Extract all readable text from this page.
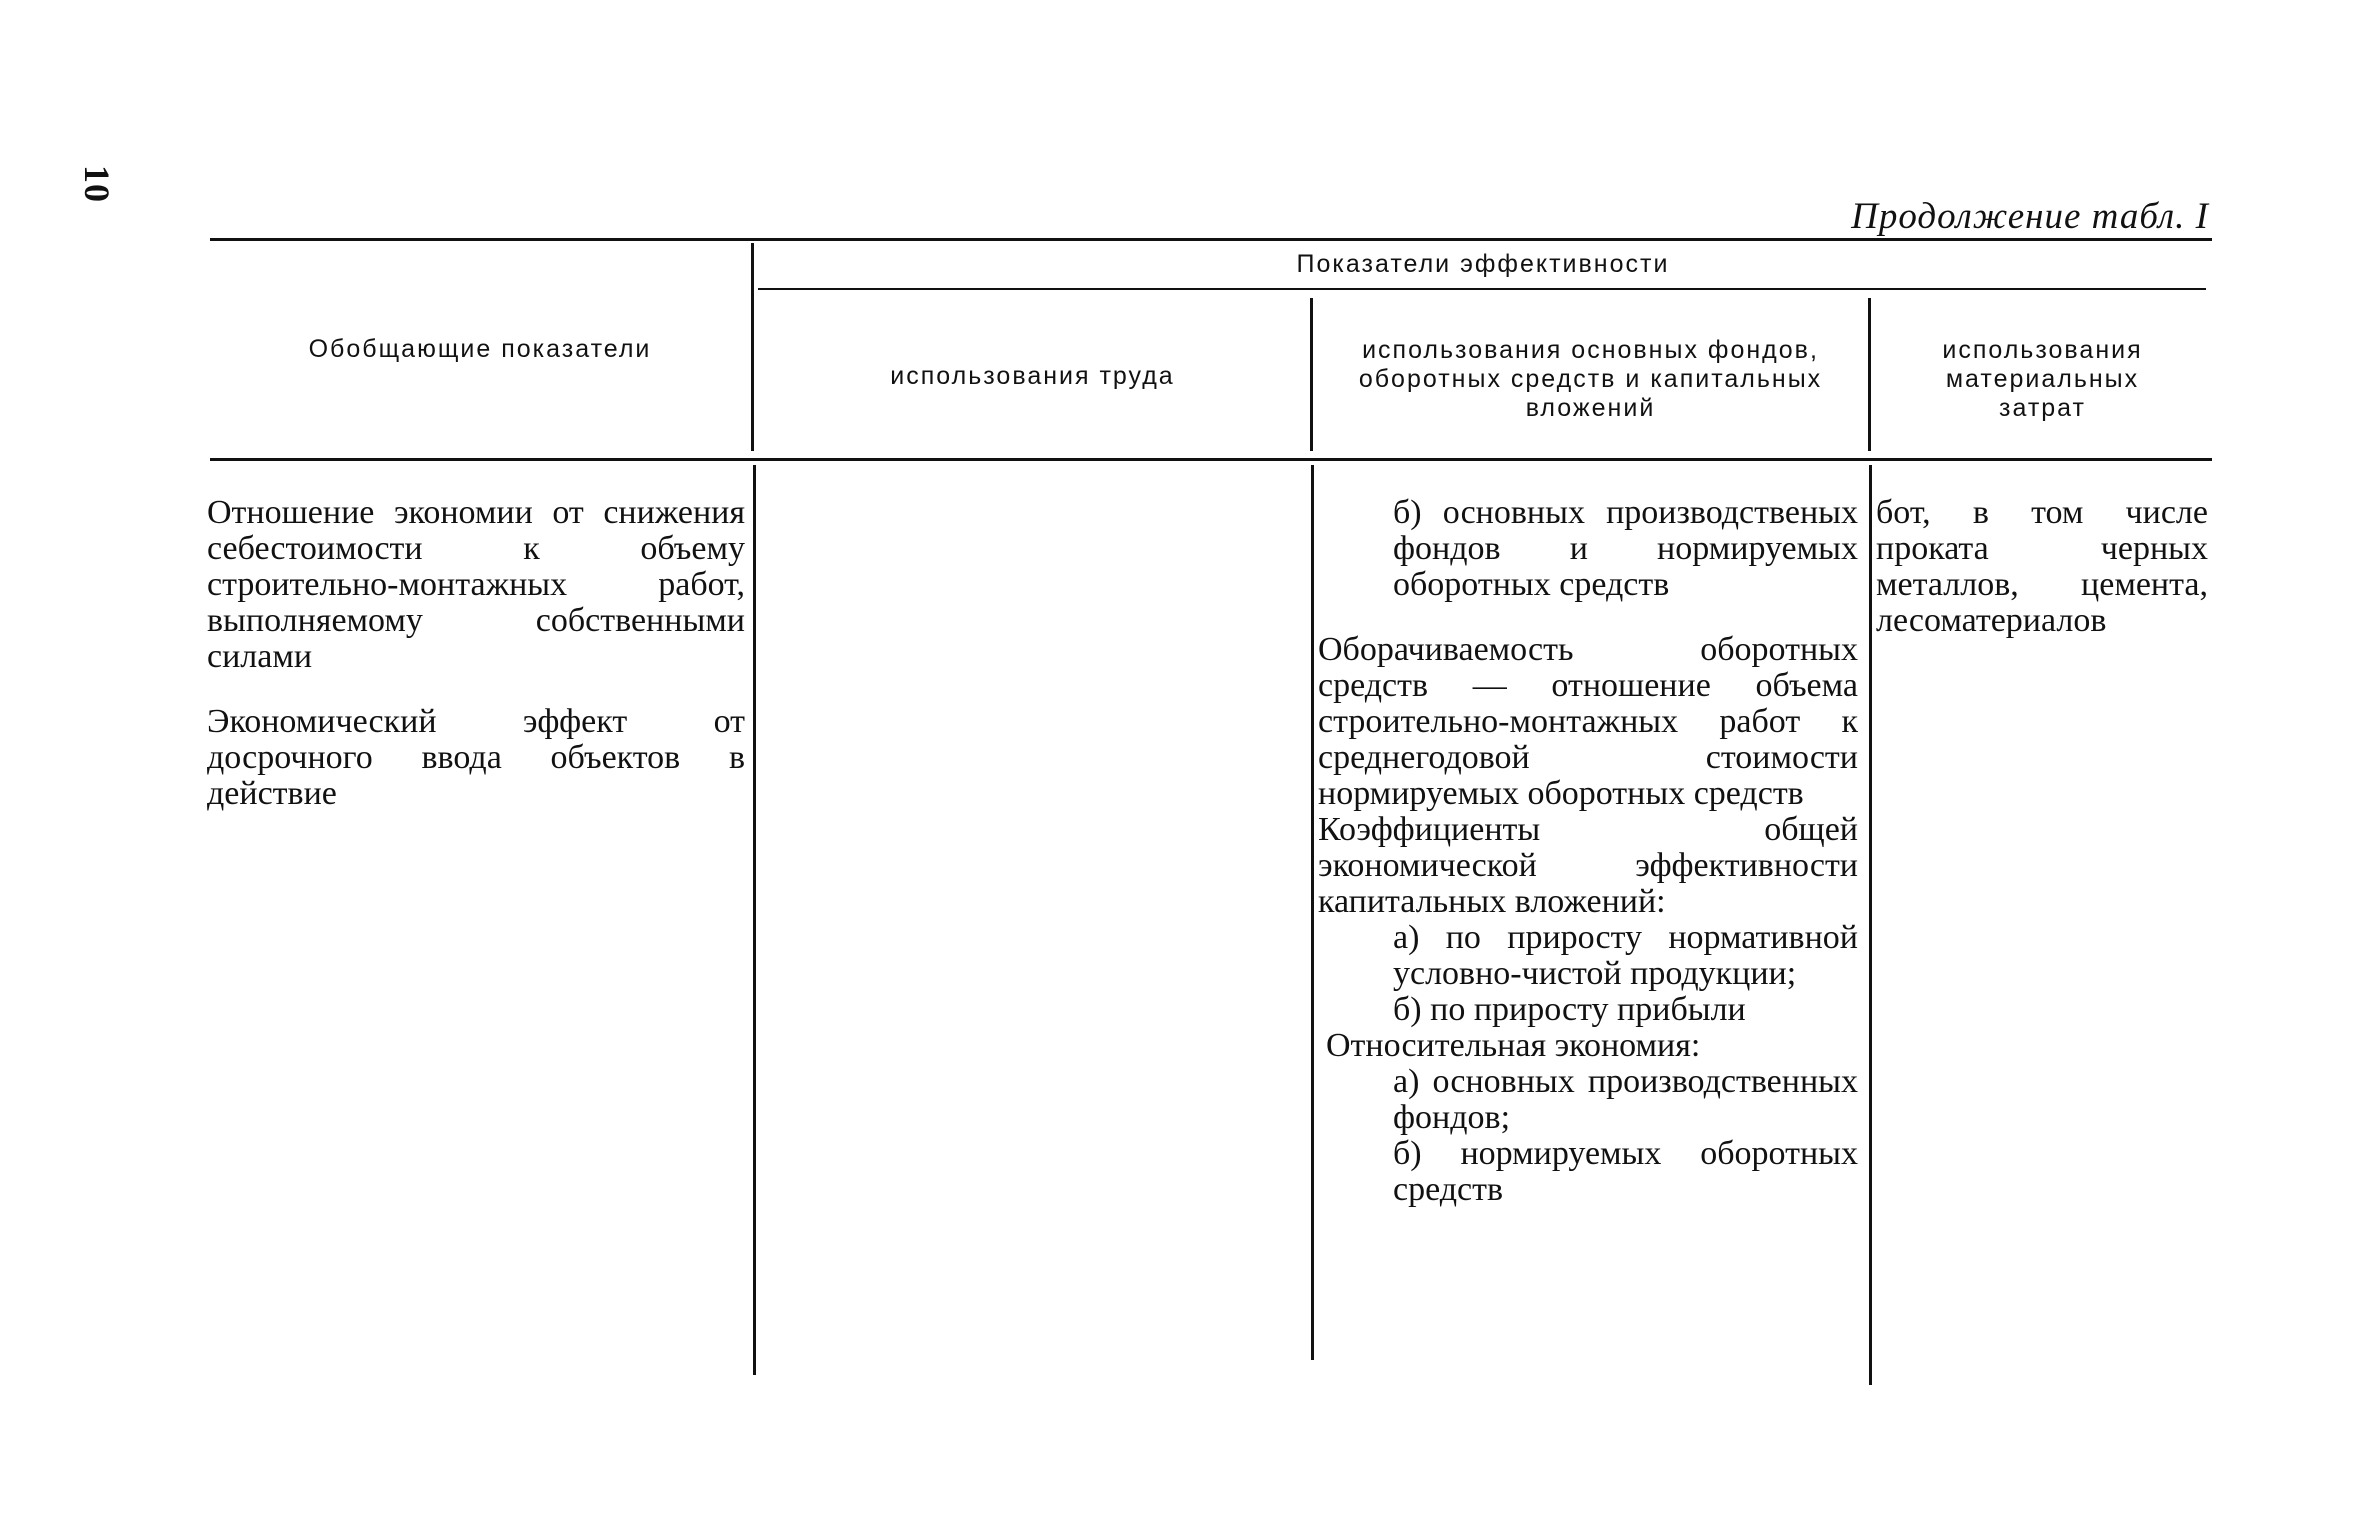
10
Продолжение табл. I
Обобщающие показатели
Показатели эффективности
использования труда
использования основных фондов, оборотных средств и капитальных вложений
использования материальных затрат

Отношение экономии от снижения себестоимости к объему строительно-монтажных работ, выполняемому собственными силами

Экономический эффект от досрочного ввода объектов в действие

б) основных производственых фондов и нормируемых оборотных средств

Оборачиваемость оборотных средств — отношение объема строительно-монтажных работ к среднегодовой стоимости нормируемых оборотных средств

Коэффициенты общей экономической эффективности капитальных вложений:

а) по приросту нормативной условно-чистой продукции;

б) по приросту прибыли

Относительная экономия:

а) основных производственных фондов;

б) нормируемых оборотных средств

бот, в том числе проката черных металлов, цемента, лесоматериалов
